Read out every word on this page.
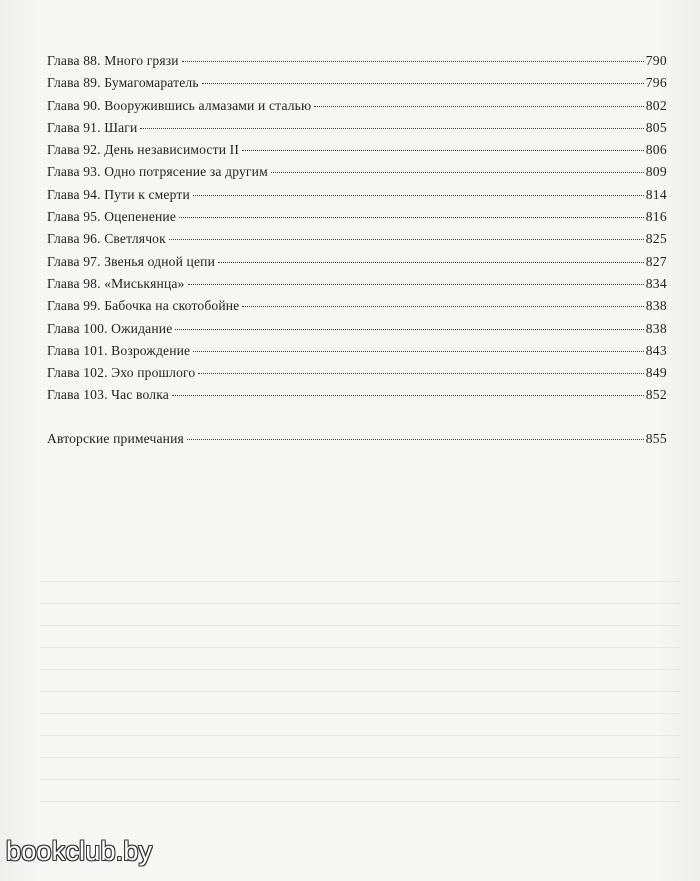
Глава 88. Много грязи	790
Глава 89. Бумагомаратель	796
Глава 90. Вооружившись алмазами и сталью	802
Глава 91. Шаги	805
Глава 92. День независимости II	806
Глава 93. Одно потрясение за другим	809
Глава 94. Пути к смерти	814
Глава 95. Оцепенение	816
Глава 96. Светлячок	825
Глава 97. Звенья одной цепи	827
Глава 98. «Миськянца»	834
Глава 99. Бабочка на скотобойне	838
Глава 100. Ожидание	838
Глава 101. Возрождение	843
Глава 102. Эхо прошлого	849
Глава 103. Час волка	852
Авторские примечания	855
bookclub.by
